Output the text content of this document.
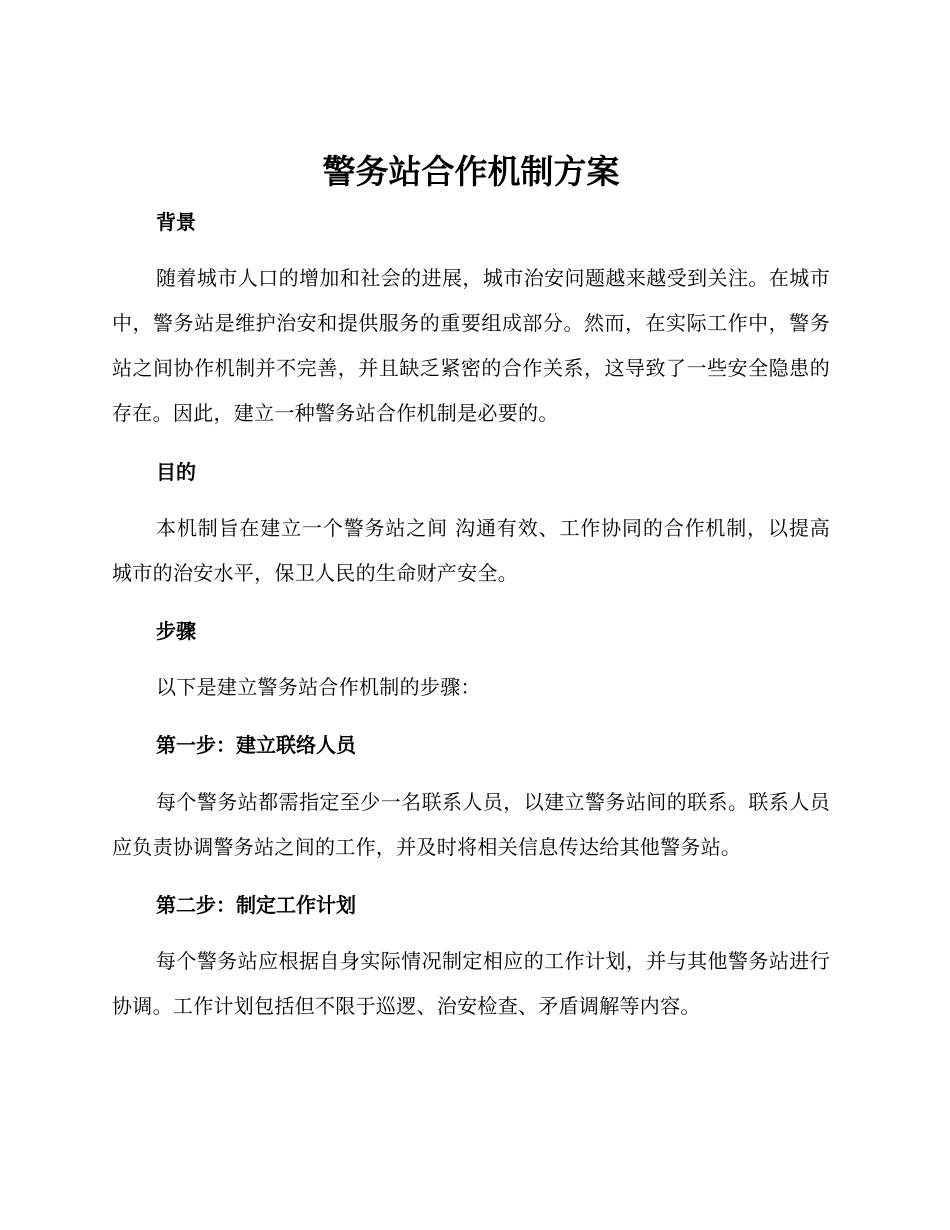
警务站合作机制方案
背景

随着城市人口的增加和社会的进展，城市治安问题越来越受到关注。在城市中，警务站是维护治安和提供服务的重要组成部分。然而，在实际工作中，警务站之间协作机制并不完善，并且缺乏紧密的合作关系，这导致了一些安全隐患的存在。因此，建立一种警务站合作机制是必要的。

目的

本机制旨在建立一个警务站之间 沟通有效、工作协同的合作机制，以提高城市的治安水平，保卫人民的生命财产安全。

步骤

以下是建立警务站合作机制的步骤：

第一步：建立联络人员

每个警务站都需指定至少一名联系人员，以建立警务站间的联系。联系人员应负责协调警务站之间的工作，并及时将相关信息传达给其他警务站。

第二步：制定工作计划

每个警务站应根据自身实际情况制定相应的工作计划，并与其他警务站进行协调。工作计划包括但不限于巡逻、治安检查、矛盾调解等内容。
